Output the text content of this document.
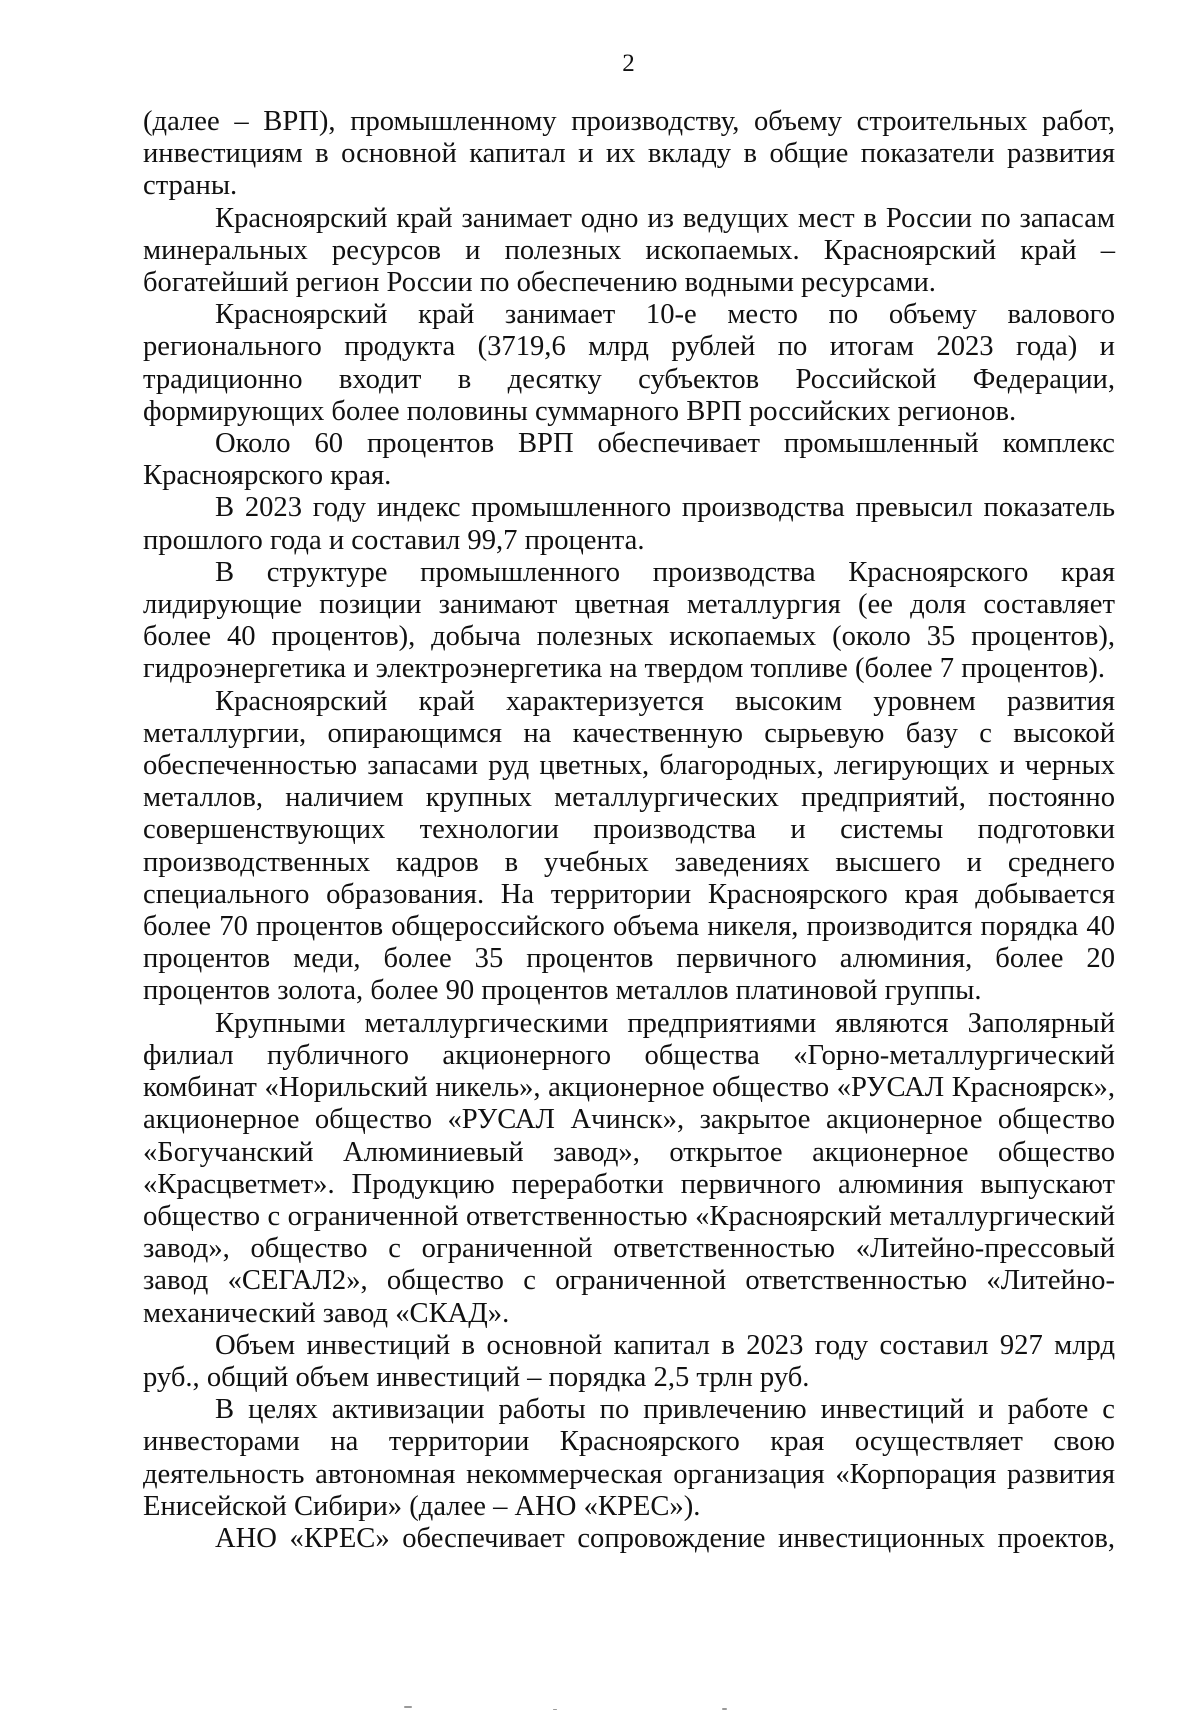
2

(далее – ВРП), промышленному производству, объему строительных работ, инвестициям в основной капитал и их вкладу в общие показатели развития страны.

Красноярский край занимает одно из ведущих мест в России по запасам минеральных ресурсов и полезных ископаемых. Красноярский край – богатейший регион России по обеспечению водными ресурсами.

Красноярский край занимает 10-е место по объему валового регионального продукта (3719,6 млрд рублей по итогам 2023 года) и традиционно входит в десятку субъектов Российской Федерации, формирующих более половины суммарного ВРП российских регионов.

Около 60 процентов ВРП обеспечивает промышленный комплекс Красноярского края.

В 2023 году индекс промышленного производства превысил показатель прошлого года и составил 99,7 процента.

В структуре промышленного производства Красноярского края лидирующие позиции занимают цветная металлургия (ее доля составляет более 40 процентов), добыча полезных ископаемых (около 35 процентов), гидроэнергетика и электроэнергетика на твердом топливе (более 7 процентов).

Красноярский край характеризуется высоким уровнем развития металлургии, опирающимся на качественную сырьевую базу с высокой обеспеченностью запасами руд цветных, благородных, легирующих и черных металлов, наличием крупных металлургических предприятий, постоянно совершенствующих технологии производства и системы подготовки производственных кадров в учебных заведениях высшего и среднего специального образования. На территории Красноярского края добывается более 70 процентов общероссийского объема никеля, производится порядка 40 процентов меди, более 35 процентов первичного алюминия, более 20 процентов золота, более 90 процентов металлов платиновой группы.

Крупными металлургическими предприятиями являются Заполярный филиал публичного акционерного общества «Горно-металлургический комбинат «Норильский никель», акционерное общество «РУСАЛ Красноярск», акционерное общество «РУСАЛ Ачинск», закрытое акционерное общество «Богучанский Алюминиевый завод», открытое акционерное общество «Красцветмет». Продукцию переработки первичного алюминия выпускают общество с ограниченной ответственностью «Красноярский металлургический завод», общество с ограниченной ответственностью «Литейно-прессовый завод «СЕГАЛ2», общество с ограниченной ответственностью «Литейно-механический завод «СКАД».

Объем инвестиций в основной капитал в 2023 году составил 927 млрд руб., общий объем инвестиций – порядка 2,5 трлн руб.

В целях активизации работы по привлечению инвестиций и работе с инвесторами на территории Красноярского края осуществляет свою деятельность автономная некоммерческая организация «Корпорация развития Енисейской Сибири» (далее – АНО «КРЕС»).

АНО «КРЕС» обеспечивает сопровождение инвестиционных проектов,
